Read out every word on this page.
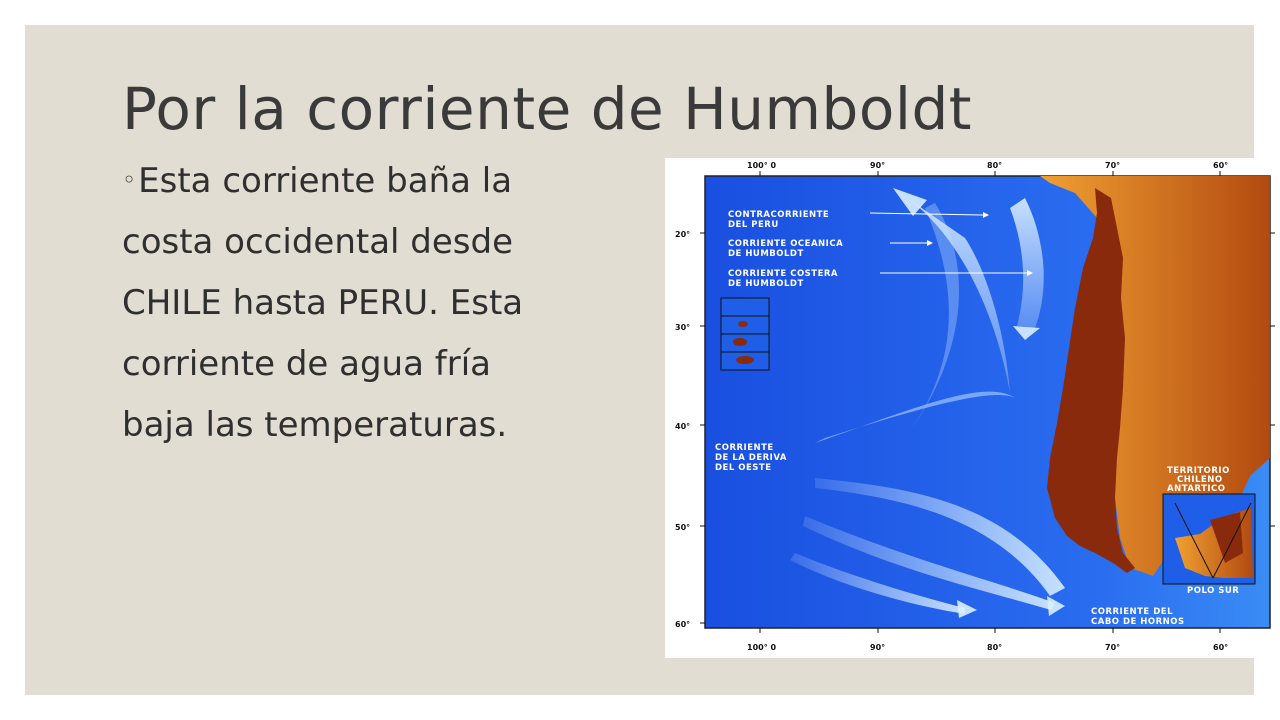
Por la corriente de Humboldt
◦Esta corriente baña la
costa occidental desde
CHILE hasta PERU. Esta
corriente de agua fría
baja las temperaturas.
100° 0	90°	80°	70°	60°
100° 0	90°	80°	70°	60°
20°
30°
40°
50°
60°
CONTRACORRIENTE
DEL PERU
CORRIENTE OCEANICA
DE HUMBOLDT
CORRIENTE COSTERA
DE HUMBOLDT
CORRIENTE
DE LA DERIVA
DEL OESTE	TERRITORIO
CHILENO
ANTARTICO
POLO SUR
CORRIENTE DEL
CABO DE HORNOS
